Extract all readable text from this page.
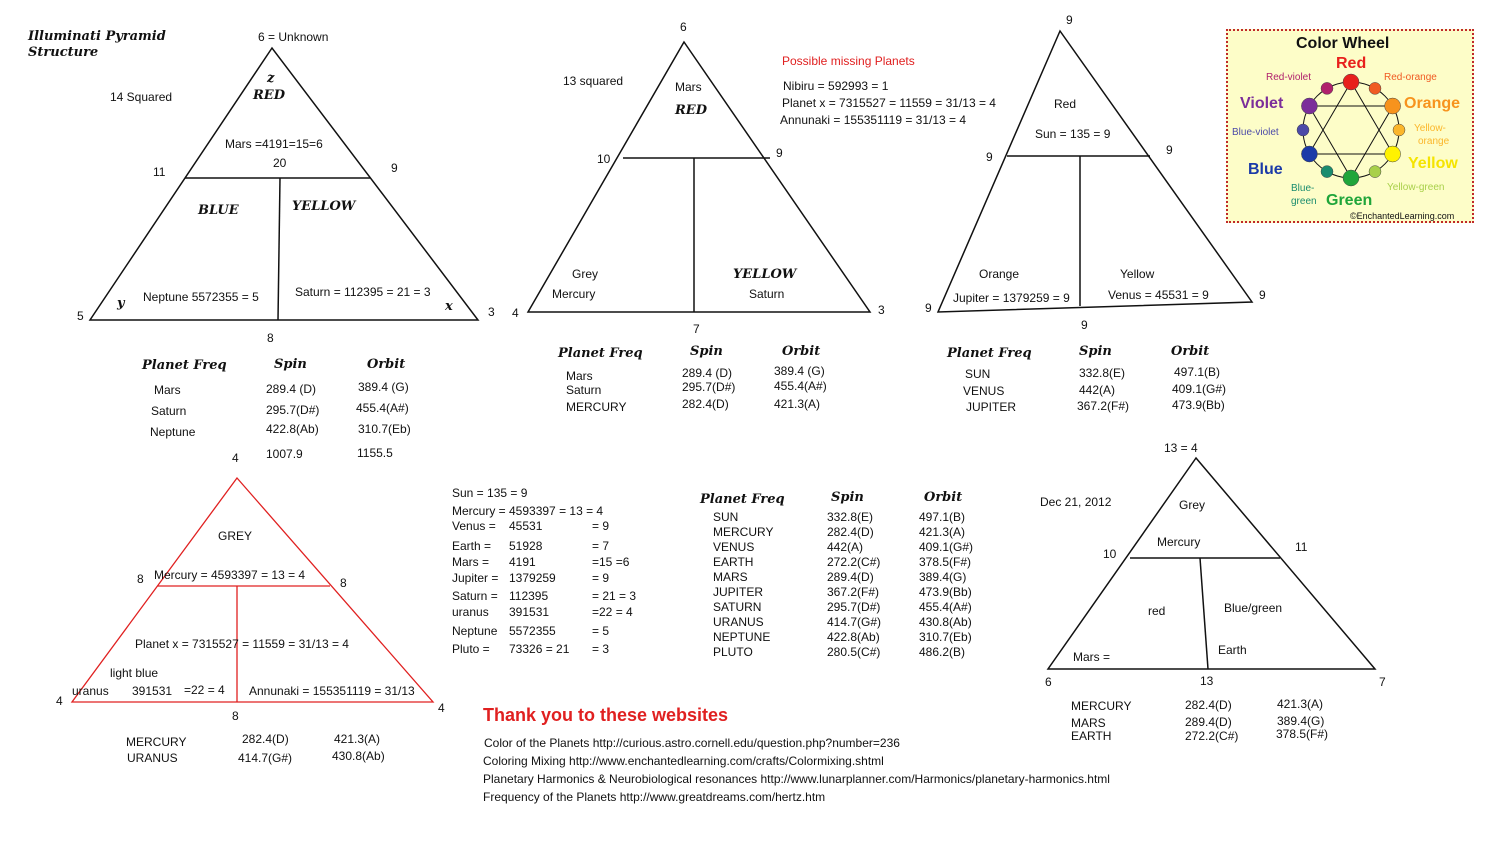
Illuminati Pyramid
Structure
6 = Unknown
14 Squared
z
RED
Mars =4191=15=6
20
11	9
BLUE	YELLOW
Neptune 5572355 = 5	Saturn = 112395 = 21 = 3
y	x
5	3
8
Planet Freq	Spin	Orbit
Mars	289.4 (D)	389.4 (G)
Saturn	295.7(D#)	455.4(A#)
Neptune	422.8(Ab)	310.7(Eb)
1007.9	1155.5
6
13 squared	Mars
RED
10	9
Grey
Mercury
YELLOW
Saturn
4	3
7
Planet Freq	Spin	Orbit
Mars	289.4 (D)	389.4 (G)
Saturn	295.7(D#)	455.4(A#)
MERCURY	282.4(D)	421.3(A)
Possible missing Planets
Nibiru = 592993 = 1
Planet x = 7315527 = 11559 = 31/13 = 4
Annunaki = 155351119 = 31/13 = 4
9
Red
Sun = 135 = 9
9	9
Orange	Yellow
Jupiter = 1379259 = 9	Venus = 45531 = 9
9
9
9
Planet Freq	Spin	Orbit
SUN	332.8(E)	497.1(B)
VENUS	442(A)	409.1(G#)
JUPITER	367.2(F#)	473.9(Bb)
Color Wheel
Red
Red-violet	Red-orange
Violet	Orange
Blue-violet	Yellow-
orange
Blue	Yellow
Blue-
green Green
Yellow-green
©EnchantedLearning.com
4
GREY
8 Mercury = 4593397 = 13 = 4
8
Planet x = 7315527 = 11559 = 31/13 = 4
light blue
uranus 391531 =22 = 4 Annunaki = 155351119 = 31/13
4	4
8
MERCURY	282.4(D)	421.3(A)
URANUS	414.7(G#)	430.8(Ab)
Sun = 135 = 9
Mercury = 4593397 = 13 = 4
Venus = 45531	= 9
Earth = 51928	= 7
Mars = 4191	=15 =6
Jupiter = 1379259	= 9
Saturn = 112395	= 21 = 3
uranus 391531	=22 = 4
Neptune 5572355	= 5
Pluto = 73326 = 21 = 3
Planet Freq	Spin	Orbit
SUN	332.8(E)	497.1(B)
MERCURY	282.4(D)	421.3(A)
VENUS	442(A)	409.1(G#)
EARTH	272.2(C#)	378.5(F#)
MARS	289.4(D)	389.4(G)
JUPITER	367.2(F#)	473.9(Bb)
SATURN	295.7(D#)	455.4(A#)
URANUS	414.7(G#)	430.8(Ab)
NEPTUNE	422.8(Ab)	310.7(Eb)
PLUTO	280.5(C#)	486.2(B)
13 = 4
Dec 21, 2012	Grey
Mercury
10	11
red	Blue/green
Mars =	Earth
6	13	7
MERCURY	282.4(D)	421.3(A)
MARS	289.4(D)	389.4(G)
EARTH	272.2(C#)	378.5(F#)
Thank you to these websites
Color of the Planets http://curious.astro.cornell.edu/question.php?number=236
Coloring Mixing http://www.enchantedlearning.com/crafts/Colormixing.shtml
Planetary Harmonics & Neurobiological resonances http://www.lunarplanner.com/Harmonics/planetary-harmonics.html
Frequency of the Planets http://www.greatdreams.com/hertz.htm
